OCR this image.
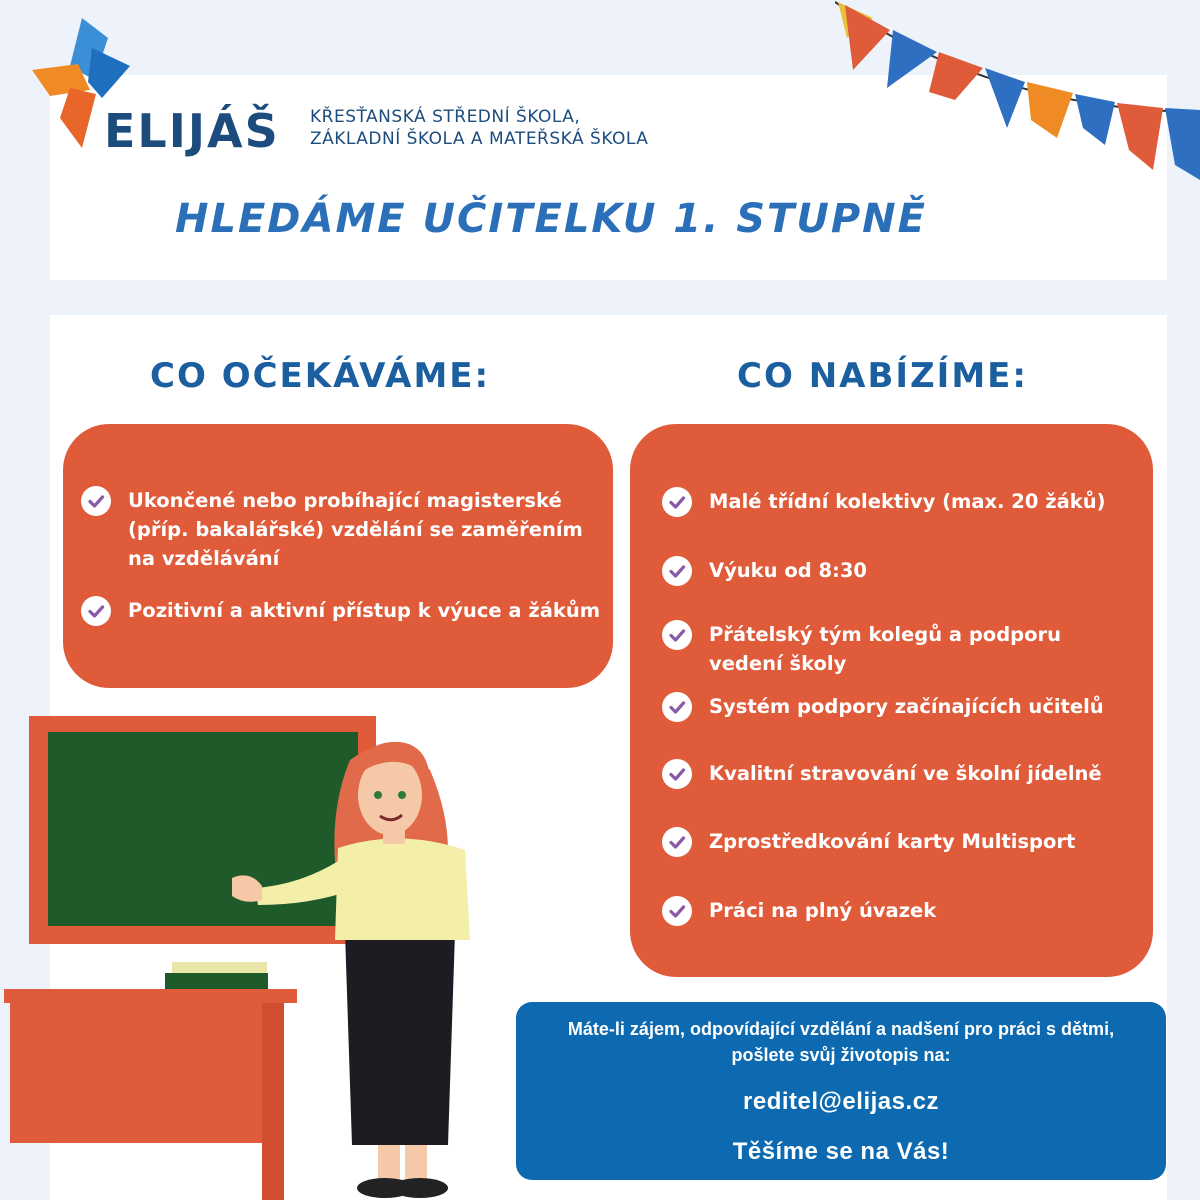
ELIJÁŠ KŘESŤANSKÁ STŘEDNÍ ŠKOLA,
ZÁKLADNÍ ŠKOLA A MATEŘSKÁ ŠKOLA
HLEDÁME UČITELKU 1. STUPNĚ
CO OČEKÁVÁME:	CO NABÍZÍME:
Ukončené nebo probíhající magisterské (příp. bakalářské) vzdělání se zaměřením na vzdělávání
Pozitivní a aktivní přístup k výuce a žákům
Malé třídní kolektivy (max. 20 žáků)
Výuku od 8:30
Přátelský tým kolegů a podporu vedení školy
Systém podpory začínajících učitelů
Kvalitní stravování ve školní jídelně
Zprostředkování karty Multisport
Práci na plný úvazek
Máte-li zájem, odpovídající vzdělání a nadšení pro práci s dětmi, pošlete svůj životopis na:
reditel@elijas.cz
Těšíme se na Vás!
